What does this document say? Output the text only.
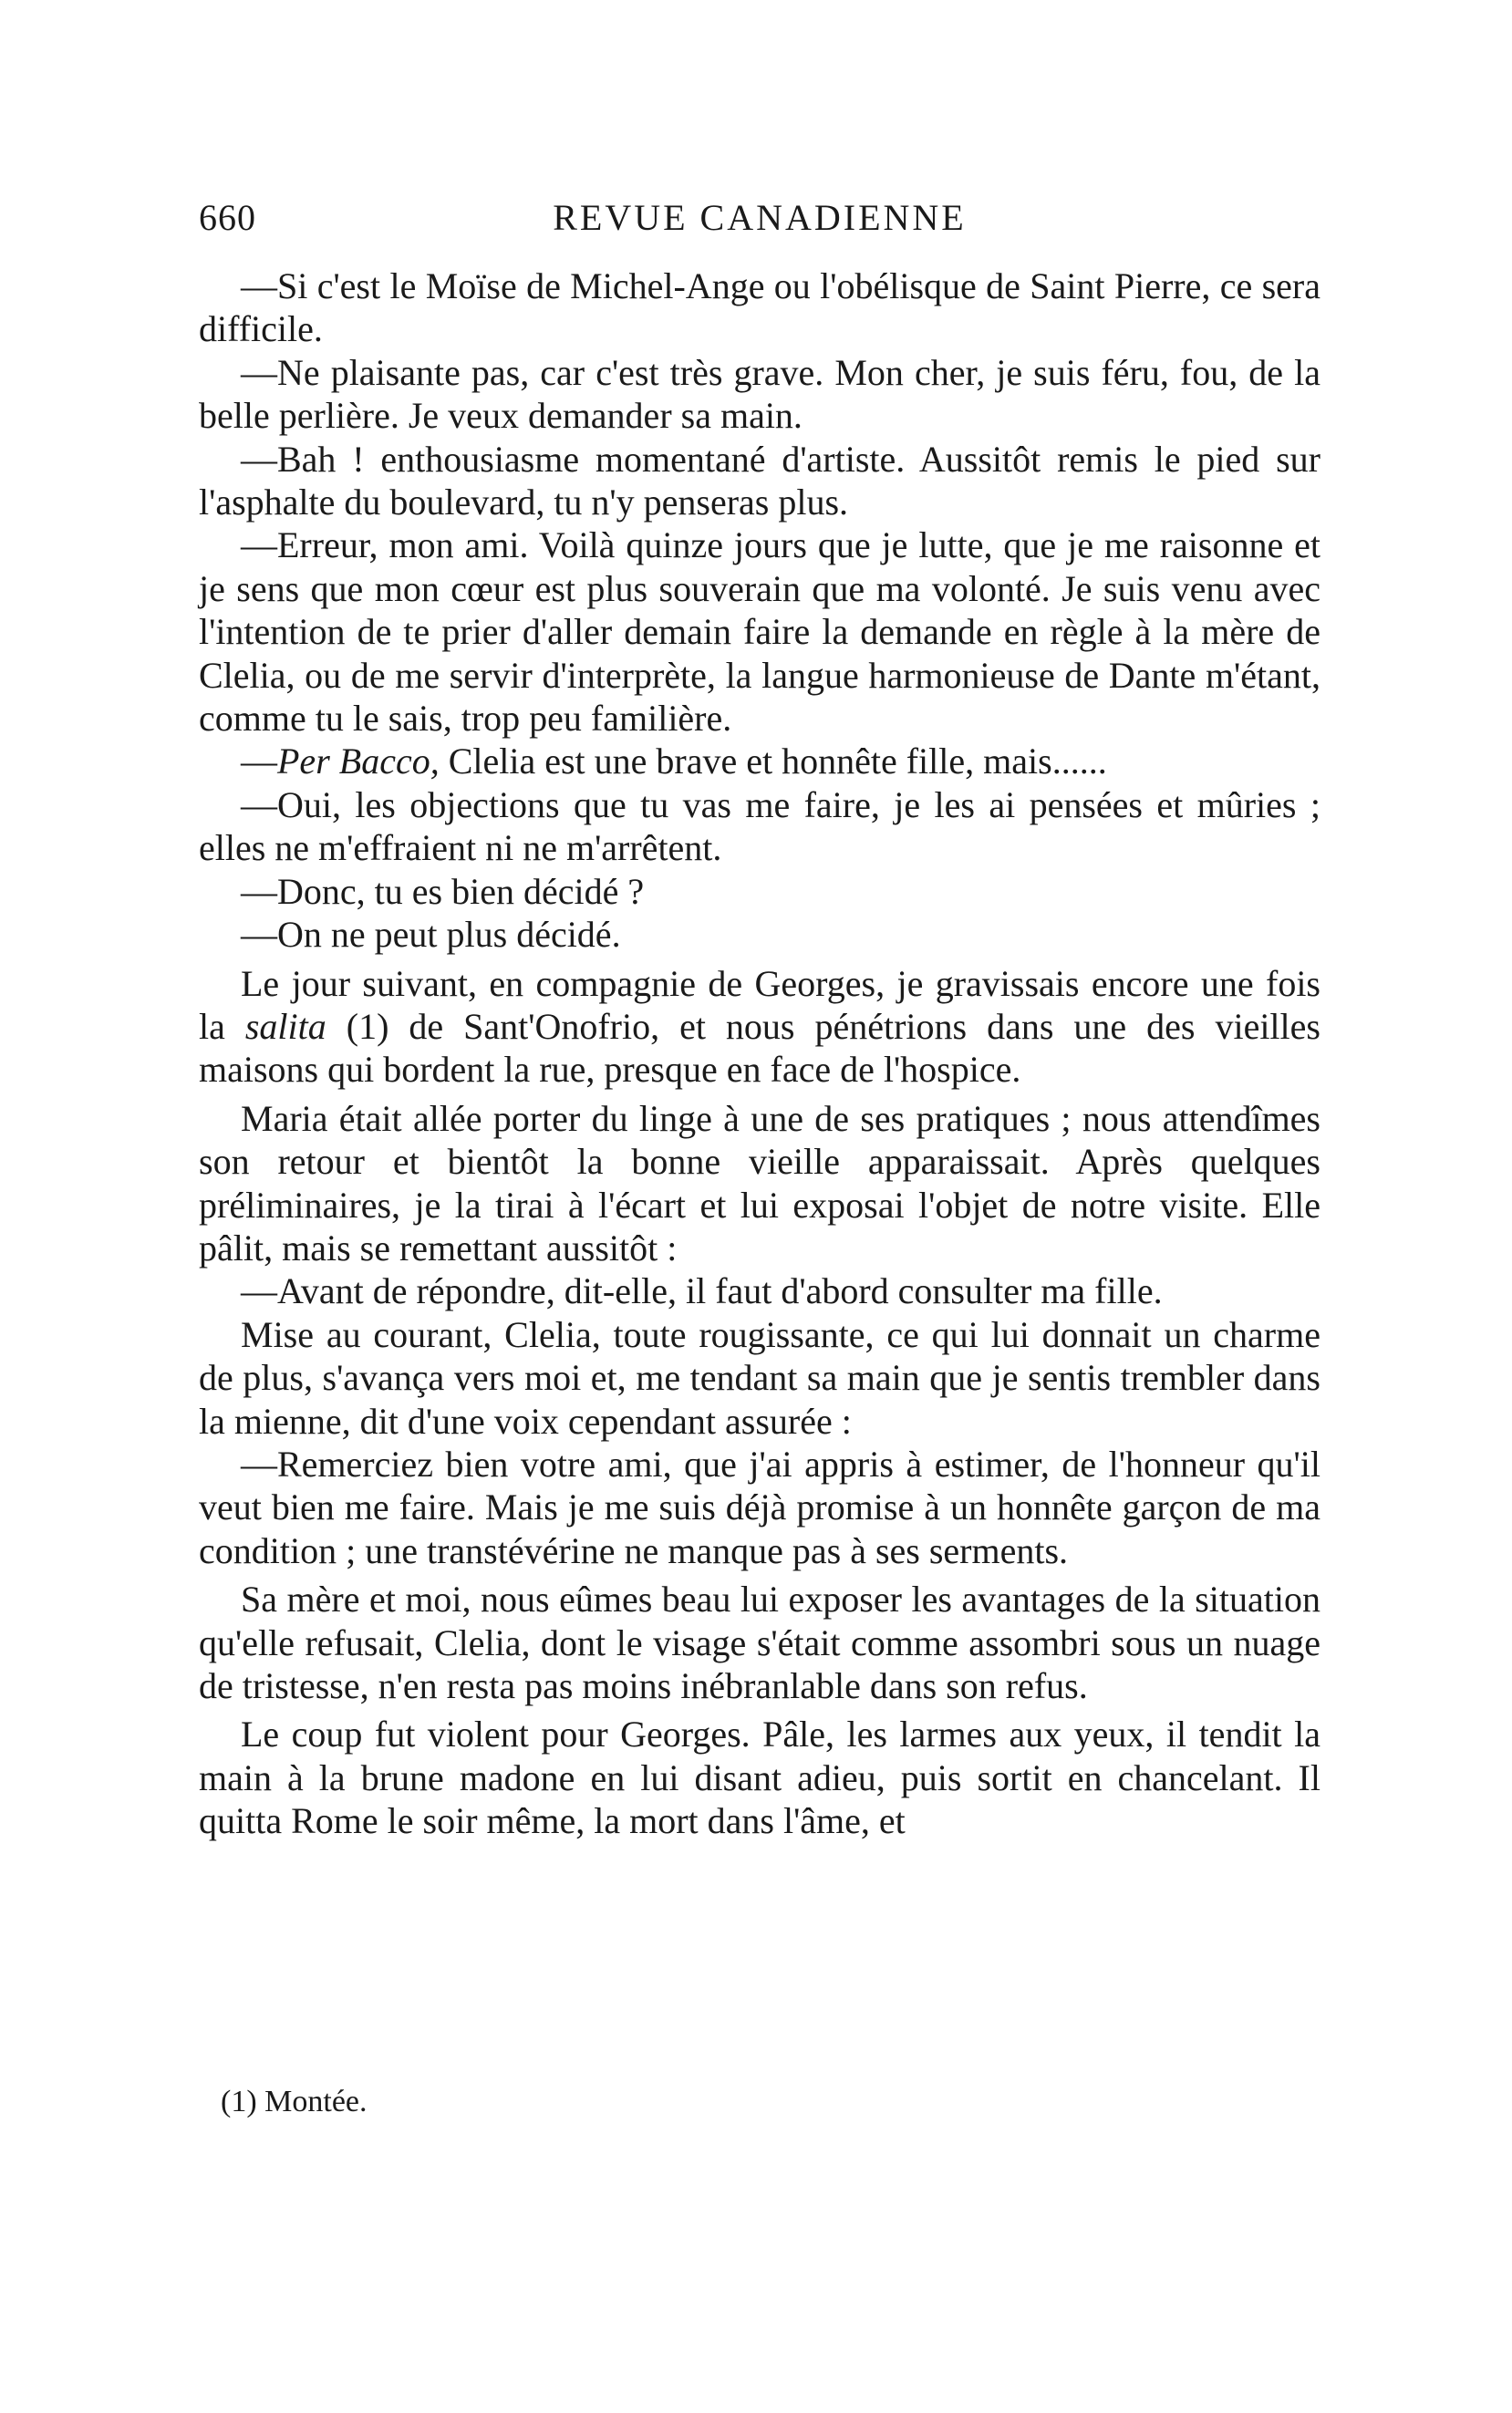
660	REVUE CANADIENNE

—Si c'est le Moïse de Michel-Ange ou l'obélisque de Saint Pierre, ce sera difficile.

—Ne plaisante pas, car c'est très grave. Mon cher, je suis féru, fou, de la belle perlière. Je veux demander sa main.

—Bah ! enthousiasme momentané d'artiste. Aussitôt remis le pied sur l'asphalte du boulevard, tu n'y penseras plus.

—Erreur, mon ami. Voilà quinze jours que je lutte, que je me raisonne et je sens que mon cœur est plus souverain que ma volonté. Je suis venu avec l'intention de te prier d'aller demain faire la demande en règle à la mère de Clelia, ou de me servir d'interprète, la langue harmonieuse de Dante m'étant, comme tu le sais, trop peu familière.

—Per Bacco, Clelia est une brave et honnête fille, mais......

—Oui, les objections que tu vas me faire, je les ai pensées et mûries ; elles ne m'effraient ni ne m'arrêtent.

—Donc, tu es bien décidé ?

—On ne peut plus décidé.

Le jour suivant, en compagnie de Georges, je gravissais encore une fois la salita (1) de Sant'Onofrio, et nous pénétrions dans une des vieilles maisons qui bordent la rue, presque en face de l'hospice.

Maria était allée porter du linge à une de ses pratiques ; nous attendîmes son retour et bientôt la bonne vieille apparaissait. Après quelques préliminaires, je la tirai à l'écart et lui exposai l'objet de notre visite. Elle pâlit, mais se remettant aussitôt :

—Avant de répondre, dit-elle, il faut d'abord consulter ma fille.

Mise au courant, Clelia, toute rougissante, ce qui lui donnait un charme de plus, s'avança vers moi et, me tendant sa main que je sentis trembler dans la mienne, dit d'une voix cependant assurée :

—Remerciez bien votre ami, que j'ai appris à estimer, de l'honneur qu'il veut bien me faire. Mais je me suis déjà promise à un honnête garçon de ma condition ; une transtévérine ne manque pas à ses serments.

Sa mère et moi, nous eûmes beau lui exposer les avantages de la situation qu'elle refusait, Clelia, dont le visage s'était comme assombri sous un nuage de tristesse, n'en resta pas moins inébranlable dans son refus.

Le coup fut violent pour Georges. Pâle, les larmes aux yeux, il tendit la main à la brune madone en lui disant adieu, puis sortit en chancelant. Il quitta Rome le soir même, la mort dans l'âme, et

(1) Montée.
